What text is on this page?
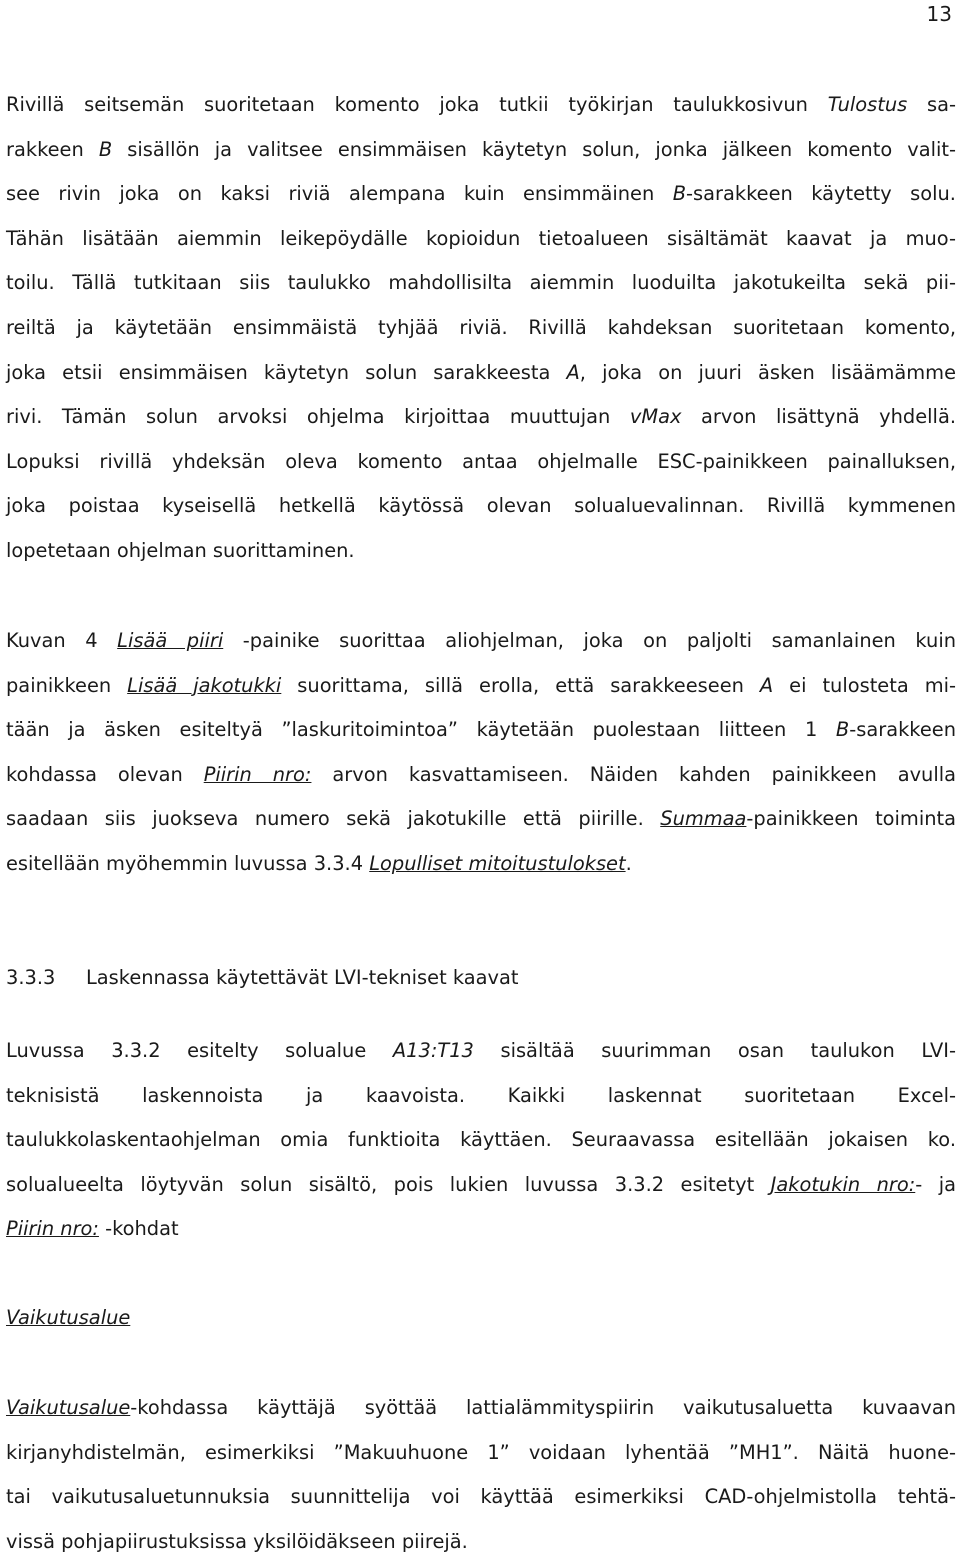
13
Rivillä seitsemän suoritetaan komento joka tutkii työkirjan taulukkosivun Tulostus sa-
rakkeen B sisällön ja valitsee ensimmäisen käytetyn solun, jonka jälkeen komento valit-
see rivin joka on kaksi riviä alempana kuin ensimmäinen B-sarakkeen käytetty solu.
Tähän lisätään aiemmin leikepöydälle kopioidun tietoalueen sisältämät kaavat ja muo-
toilu. Tällä tutkitaan siis taulukko mahdollisilta aiemmin luoduilta jakotukeilta sekä pii-
reiltä ja käytetään ensimmäistä tyhjää riviä. Rivillä kahdeksan suoritetaan komento,
joka etsii ensimmäisen käytetyn solun sarakkeesta A, joka on juuri äsken lisäämämme
rivi. Tämän solun arvoksi ohjelma kirjoittaa muuttujan vMax arvon lisättynä yhdellä.
Lopuksi rivillä yhdeksän oleva komento antaa ohjelmalle ESC-painikkeen painalluksen,
joka poistaa kyseisellä hetkellä käytössä olevan solualuevalinnan. Rivillä kymmenen
lopetetaan ohjelman suorittaminen.
Kuvan 4 Lisää piiri -painike suorittaa aliohjelman, joka on paljolti samanlainen kuin
painikkeen Lisää jakotukki suorittama, sillä erolla, että sarakkeeseen A ei tulosteta mi-
tään ja äsken esiteltyä ”laskuritoimintoa” käytetään puolestaan liitteen 1 B-sarakkeen
kohdassa olevan Piirin nro: arvon kasvattamiseen. Näiden kahden painikkeen avulla
saadaan siis juokseva numero sekä jakotukille että piirille. Summaa-painikkeen toiminta
esitellään myöhemmin luvussa 3.3.4 Lopulliset mitoitustulokset.
3.3.3 Laskennassa käytettävät LVI-tekniset kaavat
Luvussa 3.3.2 esitelty solualue A13:T13 sisältää suurimman osan taulukon LVI-
teknisistä laskennoista ja kaavoista. Kaikki laskennat suoritetaan Excel-
taulukkolaskentaohjelman omia funktioita käyttäen. Seuraavassa esitellään jokaisen ko.
solualueelta löytyvän solun sisältö, pois lukien luvussa 3.3.2 esitetyt Jakotukin nro:- ja
Piirin nro: -kohdat
Vaikutusalue
Vaikutusalue-kohdassa käyttäjä syöttää lattialämmityspiirin vaikutusaluetta kuvaavan
kirjanyhdistelmän, esimerkiksi ”Makuuhuone 1” voidaan lyhentää ”MH1”. Näitä huone-
tai vaikutusaluetunnuksia suunnittelija voi käyttää esimerkiksi CAD-ohjelmistolla tehtä-
vissä pohjapiirustuksissa yksilöidäkseen piirejä.
